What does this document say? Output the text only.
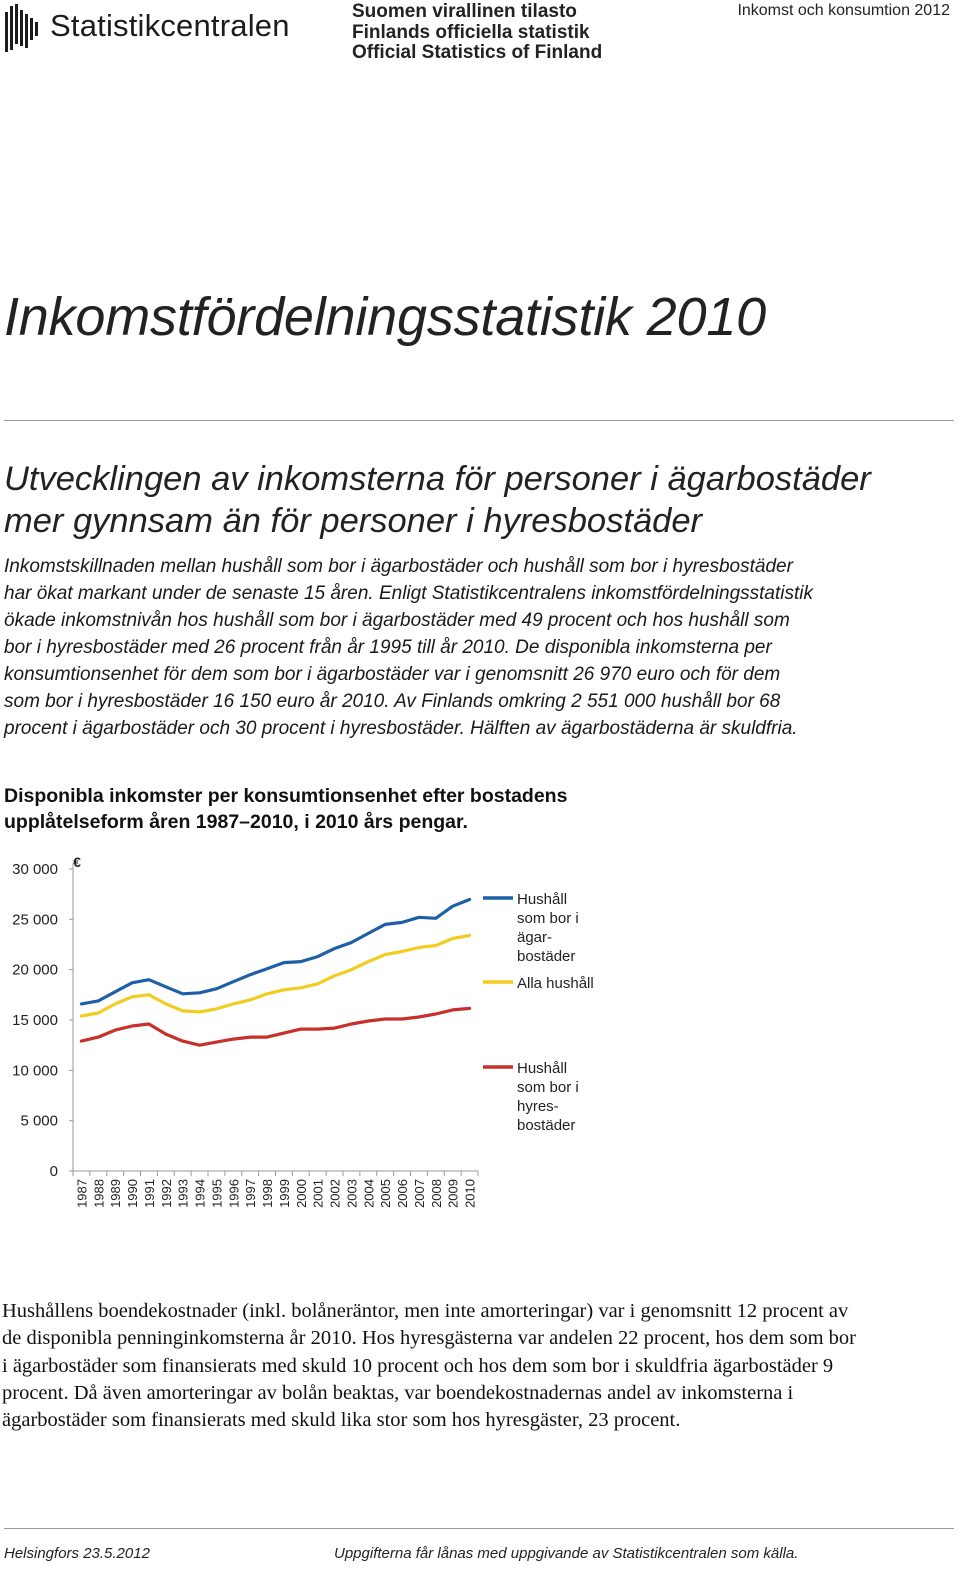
Statistikcentralen	Suomen virallinen tilasto
Finlands officiella statistik
Official Statistics of Finland
Inkomst och konsumtion 2012
Inkomstfördelningsstatistik 2010
Utvecklingen av inkomsterna för personer i ägarbostäder
mer gynnsam än för personer i hyresbostäder
Inkomstskillnaden mellan hushåll som bor i ägarbostäder och hushåll som bor i hyresbostäder
har ökat markant under de senaste 15 åren. Enligt Statistikcentralens inkomstfördelningsstatistik
ökade inkomstnivån hos hushåll som bor i ägarbostäder med 49 procent och hos hushåll som
bor i hyresbostäder med 26 procent från år 1995 till år 2010. De disponibla inkomsterna per
konsumtionsenhet för dem som bor i ägarbostäder var i genomsnitt 26 970 euro och för dem
som bor i hyresbostäder 16 150 euro år 2010. Av Finlands omkring 2 551 000 hushåll bor 68
procent i ägarbostäder och 30 procent i hyresbostäder. Hälften av ägarbostäderna är skuldfria.
Disponibla inkomster per konsumtionsenhet efter bostadens
upplåtelseform åren 1987–2010, i 2010 års pengar.
0
5 000
10 000
15 000
20 000
25 000
30 000 €
1987 1988 1989 1990 1991 1992 1993 1994 1995 1996 1997 1998 1999 2000 2001 2002 2003 2004 2005 2006 2007 2008 2009 2010
Hushåll
som bor i
ägar-
bostäder
Alla hushåll
Hushåll
som bor i
hyres-
bostäder
Hushållens boendekostnader (inkl. bolåneräntor, men inte amorteringar) var i genomsnitt 12 procent av
de disponibla penninginkomsterna år 2010. Hos hyresgästerna var andelen 22 procent, hos dem som bor
i ägarbostäder som finansierats med skuld 10 procent och hos dem som bor i skuldfria ägarbostäder 9
procent. Då även amorteringar av bolån beaktas, var boendekostnadernas andel av inkomsterna i
ägarbostäder som finansierats med skuld lika stor som hos hyresgäster, 23 procent.
Helsingfors 23.5.2012	Uppgifterna får lånas med uppgivande av Statistikcentralen som källa.
